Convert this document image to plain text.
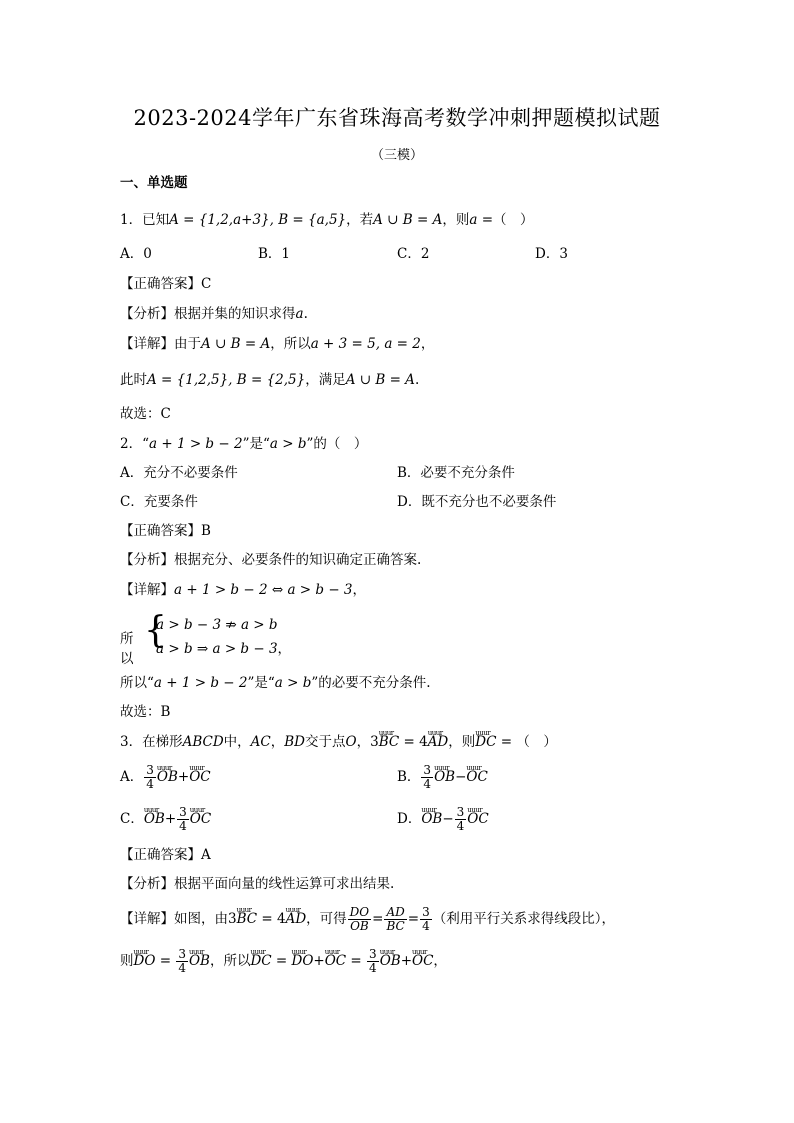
2023-2024学年广东省珠海高考数学冲刺押题模拟试题
（三模）
一、单选题
1．已知A = {1,2,a+3}, B = {a,5}，若A ∪ B = A，则a =（　）
A．0	B．1	C．2	D．3
【正确答案】C
【分析】根据并集的知识求得a.
【详解】由于A ∪ B = A，所以a + 3 = 5, a = 2，
此时A = {1,2,5}, B = {2,5}，满足A ∪ B = A.
故选：C
2．“a + 1 > b − 2”是“a > b”的（　）
A．充分不必要条件	B．必要不充分条件
C．充要条件	D．既不充分也不必要条件
【正确答案】B
【分析】根据充分、必要条件的知识确定正确答案.
【详解】a + 1 > b − 2 ⇔ a > b − 3，
所以
{
a > b − 3 ⇏ a > b
a > b ⇒ a > b − 3，
所以“a + 1 > b − 2”是“a > b”的必要不充分条件.
故选：B
3．在梯形ABCD中，AC，BD交于点O，3uuur BC = 4uuur AD，则uuur DC = （　）
A． $\frac{3}{4}$ uuur OB+uuur OC	B． $\frac{3}{4}$ uuur OB−uuur OC
C．uuur $OB+ \frac{3}{4}$ uuur OC	D．uuur $OB- \frac{3}{4}$ uuur OC
【正确答案】A
【分析】根据平面向量的线性运算可求出结果.
【详解】如图，由3uuur BC = 4uuur AD，可得 $\frac{DO}{OB} = \frac{AD}{BC} = \frac{3}{4}$ （利用平行关系求得线段比），
则uuur DO = $\frac{3}{4}$ uuur OB，所以uuur DC = uuur DO+uuur OC = $\frac{3}{4}$ uuur OB+uuur OC，
